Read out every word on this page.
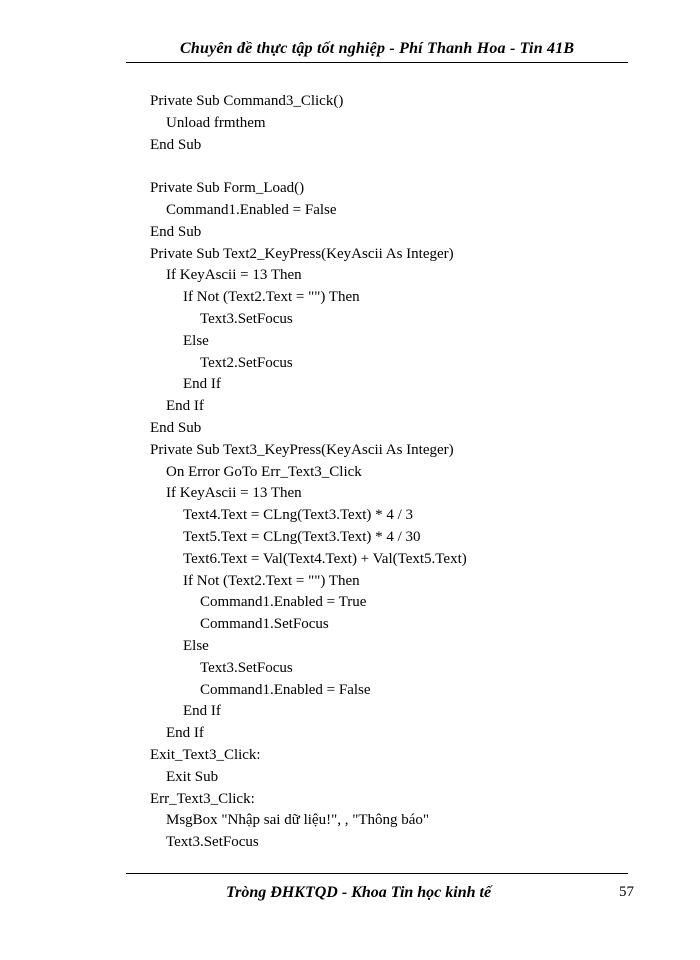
Chuyên đề thực tập tốt nghiệp - Phí Thanh Hoa - Tin 41B
Private Sub Command3_Click()
Unload frmthem
End Sub
Private Sub Form_Load()
Command1.Enabled = False
End Sub
Private Sub Text2_KeyPress(KeyAscii As Integer)
If KeyAscii = 13 Then
If Not (Text2.Text = "") Then
Text3.SetFocus
Else
Text2.SetFocus
End If
End If
End Sub
Private Sub Text3_KeyPress(KeyAscii As Integer)
On Error GoTo Err_Text3_Click
If KeyAscii = 13 Then
Text4.Text = CLng(Text3.Text) * 4 / 3
Text5.Text = CLng(Text3.Text) * 4 / 30
Text6.Text = Val(Text4.Text) + Val(Text5.Text)
If Not (Text2.Text = "") Then
Command1.Enabled = True
Command1.SetFocus
Else
Text3.SetFocus
Command1.Enabled = False
End If
End If
Exit_Text3_Click:
Exit Sub
Err_Text3_Click:
MsgBox "Nhập sai dữ liệu!", , "Thông báo"
Text3.SetFocus
Tròng ĐHKTQD - Khoa Tin học kinh tế	57
